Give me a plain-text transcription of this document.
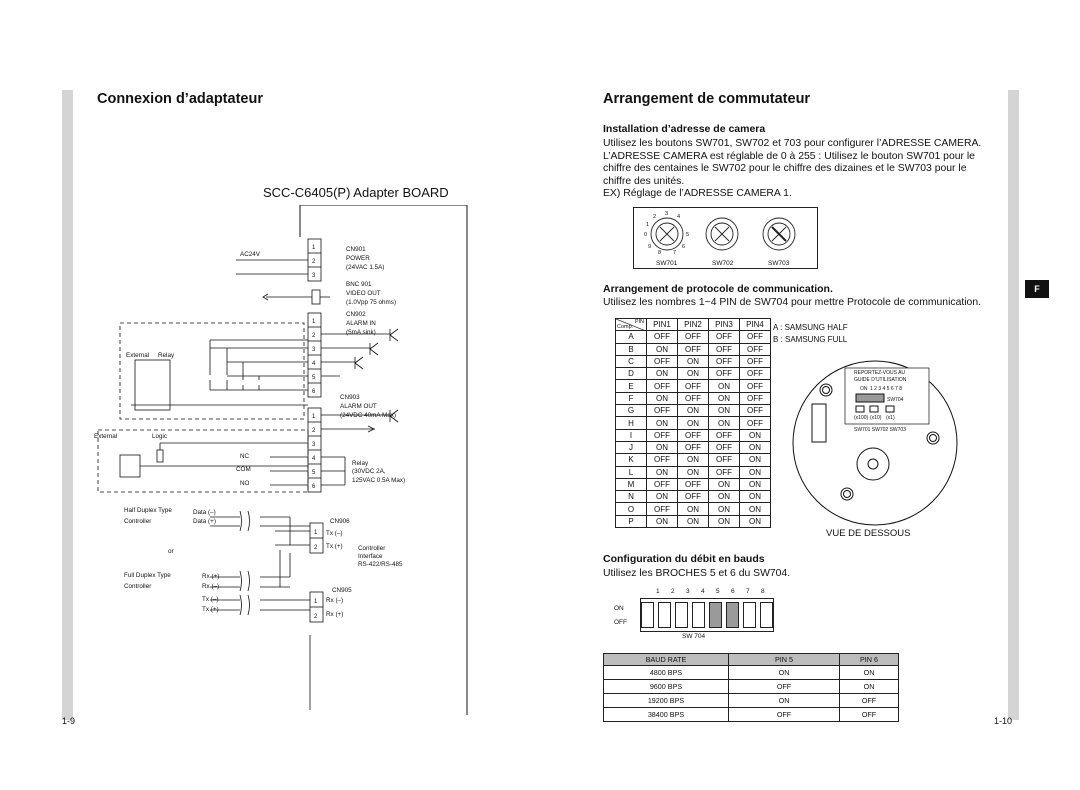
Connexion d’adaptateur
SCC-C6405(P) Adapter BOARD
1-9
AC24V
CN901
POWER
(24VAC 1.5A)
BNC 901
VIDEO OUT
(1.0Vpp 75 ohms)
CN902
ALARM IN
(5mA sink)
CN903
ALARM OUT
(24VDC 40mA Max)
External Relay
External	Logic
NC
COM
NO
Relay
(30VDC 2A,
125VAC 0.5A Max)
Half Duplex Type
Controller
Data (–)
Data (+)	CN906
Tx (–)
Tx (+) Controller
Interface
RS-422/RS-485
or
Full Duplex Type
Controller
Rx (+)
Rx (–)
Tx (–)
Tx (+)
CN905
Rx (–)
Rx (+)
1
2
3
1
2
3
4
5
6
1
2
3
4
5
6
1
2
1
2
Arrangement de commutateur
Installation d’adresse de camera
Utilisez les boutons SW701, SW702 et 703 pour configurer l’ADRESSE CAMERA.
L’ADRESSE CAMERA est réglable de 0 à 255 : Utilisez le bouton SW701 pour le
chiffre des centaines le SW702 pour le chiffre des dizaines et le SW703 pour le
chiffre des unités.
EX) Réglage de l’ADRESSE CAMERA 1.
SW701	SW702	SW703
0
1
2 3 4
5
6
7
8
9
Arrangement de protocole de communication.
Utilisez les nombres 1~4 PIN de SW704 pour mettre Protocole de communication.
PIN
Comp.	PIN1	PIN2	PIN3	PIN4
A	OFF	OFF	OFF	OFF
B	ON	OFF	OFF	OFF
C	OFF	ON	OFF	OFF
D	ON	ON	OFF	OFF
E	OFF	OFF	ON	OFF
F	ON	OFF	ON	OFF
G	OFF	ON	ON	OFF
H	ON	ON	ON	OFF
I	OFF	OFF	OFF	ON
J	ON	OFF	OFF	ON
K	OFF	ON	OFF	ON
L	ON	ON	OFF	ON
M	OFF	OFF	ON	ON
N	ON	OFF	ON	ON
O	OFF	ON	ON	ON
P	ON	ON	ON	ON
A : SAMSUNG HALF
B : SAMSUNG FULL
REPORTEZ-VOUS AU
GUIDE D’UTILISATION
ON 1 2 3 4 5 6 7 8
SW704
(x100) (x10) (x1)
SW701 SW702 SW703
VUE DE DESSOUS
Configuration du débit en bauds
Utilisez les BROCHES 5 et 6 du SW704.
1 2 3 4 5 6 7 8
ON
OFF
SW 704
BAUD RATE	PIN 5	PIN 6
4800 BPS	ON	ON
9600 BPS	OFF	ON
19200 BPS	ON	OFF
38400 BPS	OFF	OFF
F
1-10
